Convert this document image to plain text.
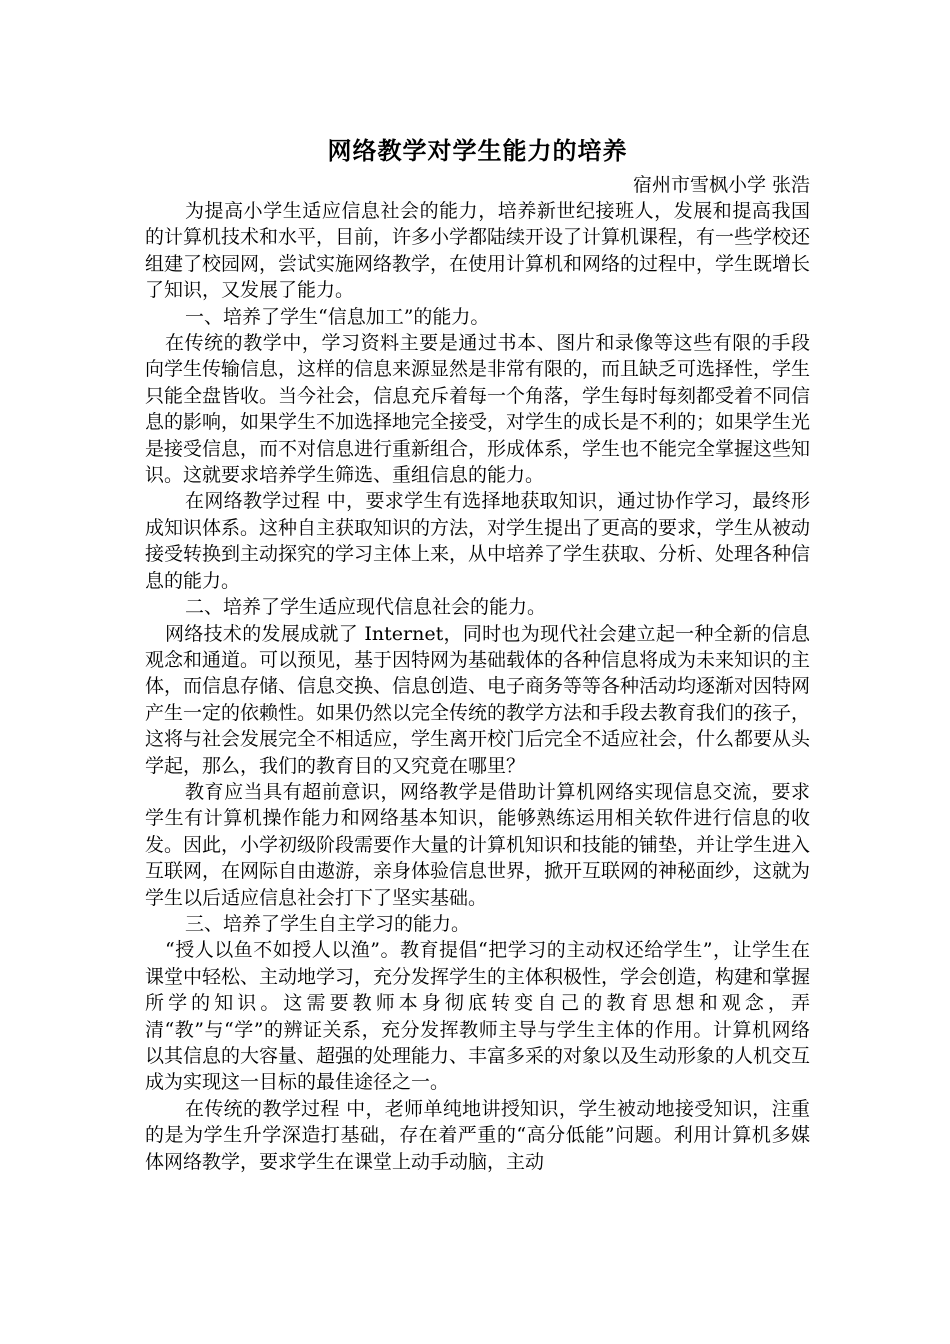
网络教学对学生能力的培养
宿州市雪枫小学 张浩

为提高小学生适应信息社会的能力，培养新世纪接班人，发展和提高我国的计算机技术和水平，目前，许多小学都陆续开设了计算机课程，有一些学校还组建了校园网，尝试实施网络教学，在使用计算机和网络的过程中，学生既增长了知识，又发展了能力。

一、培养了学生“信息加工”的能力。

在传统的教学中，学习资料主要是通过书本、图片和录像等这些有限的手段向学生传输信息，这样的信息来源显然是非常有限的，而且缺乏可选择性，学生只能全盘皆收。当今社会，信息充斥着每一个角落，学生每时每刻都受着不同信息的影响，如果学生不加选择地完全接受，对学生的成长是不利的；如果学生光是接受信息，而不对信息进行重新组合，形成体系，学生也不能完全掌握这些知识。这就要求培养学生筛选、重组信息的能力。

在网络教学过程 中，要求学生有选择地获取知识，通过协作学习，最终形成知识体系。这种自主获取知识的方法，对学生提出了更高的要求，学生从被动接受转换到主动探究的学习主体上来，从中培养了学生获取、分析、处理各种信息的能力。

二、培养了学生适应现代信息社会的能力。

网络技术的发展成就了 Internet，同时也为现代社会建立起一种全新的信息观念和通道。可以预见，基于因特网为基础载体的各种信息将成为未来知识的主体，而信息存储、信息交换、信息创造、电子商务等等各种活动均逐渐对因特网产生一定的依赖性。如果仍然以完全传统的教学方法和手段去教育我们的孩子，这将与社会发展完全不相适应，学生离开校门后完全不适应社会，什么都要从头学起，那么，我们的教育目的又究竟在哪里？

教育应当具有超前意识，网络教学是借助计算机网络实现信息交流，要求学生有计算机操作能力和网络基本知识，能够熟练运用相关软件进行信息的收发。因此，小学初级阶段需要作大量的计算机知识和技能的铺垫，并让学生进入互联网，在网际自由遨游，亲身体验信息世界，掀开互联网的神秘面纱，这就为学生以后适应信息社会打下了坚实基础。

三、培养了学生自主学习的能力。

“授人以鱼不如授人以渔”。教育提倡“把学习的主动权还给学生”，让学生在课堂中轻松、主动地学习，充分发挥学生的主体积极性，学会创造，构建和掌握所学的知识。这需要教师本身彻底转变自己的教育思想和观念，弄清“教”与“学”的辨证关系，充分发挥教师主导与学生主体的作用。计算机网络以其信息的大容量、超强的处理能力、丰富多采的对象以及生动形象的人机交互成为实现这一目标的最佳途径之一。

在传统的教学过程 中，老师单纯地讲授知识，学生被动地接受知识，注重的是为学生升学深造打基础，存在着严重的“高分低能”问题。利用计算机多媒体网络教学，要求学生在课堂上动手动脑，主动
